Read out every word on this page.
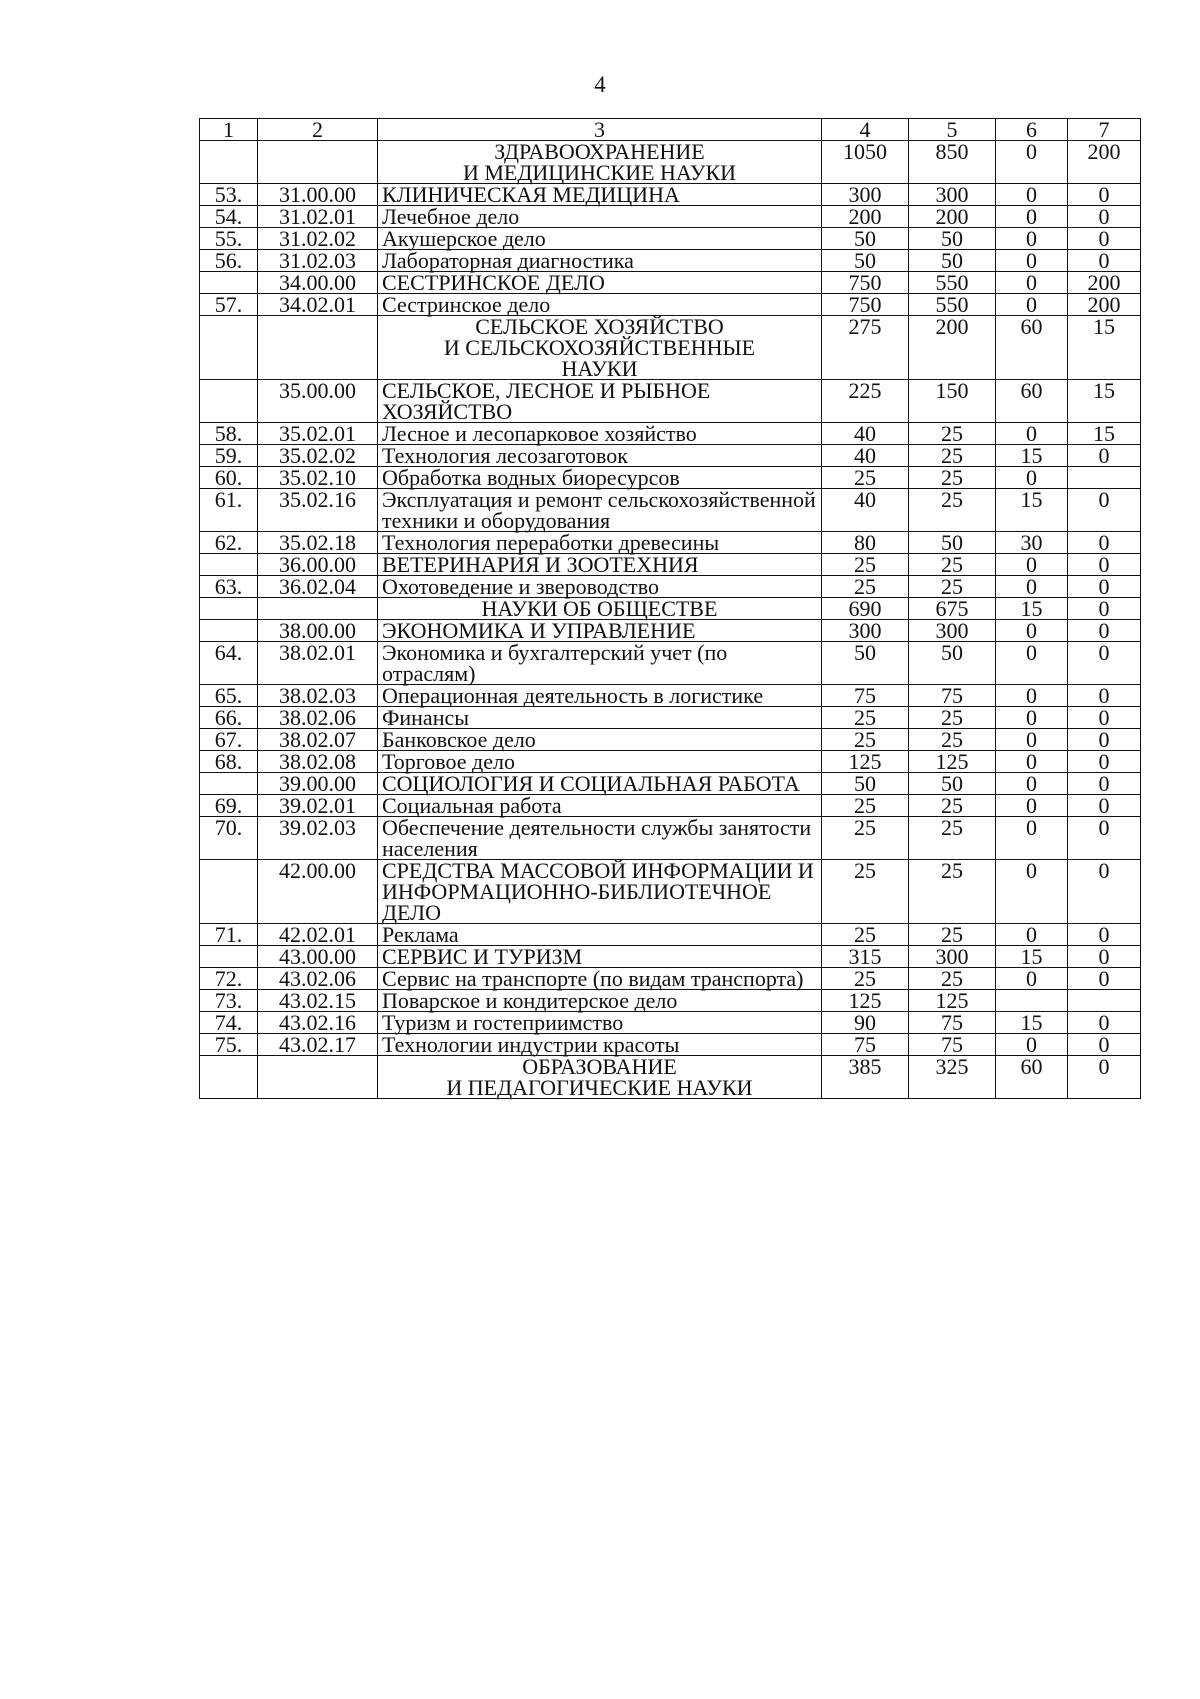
4
1	2	3	4	5	6	7
		ЗДРАВООХРАНЕНИЕ
И МЕДИЦИНСКИЕ НАУКИ	1050	850	0	200
53.	31.00.00	КЛИНИЧЕСКАЯ МЕДИЦИНА	300	300	0	0
54.	31.02.01	Лечебное дело	200	200	0	0
55.	31.02.02	Акушерское дело	50	50	0	0
56.	31.02.03	Лабораторная диагностика	50	50	0	0
	34.00.00	СЕСТРИНСКОЕ ДЕЛО	750	550	0	200
57.	34.02.01	Сестринское дело	750	550	0	200
		СЕЛЬСКОЕ ХОЗЯЙСТВО
И СЕЛЬСКОХОЗЯЙСТВЕННЫЕ
НАУКИ	275	200	60	15
	35.00.00	СЕЛЬСКОЕ, ЛЕСНОЕ И РЫБНОЕ ХОЗЯЙСТВО	225	150	60	15
58.	35.02.01	Лесное и лесопарковое хозяйство	40	25	0	15
59.	35.02.02	Технология лесозаготовок	40	25	15	0
60.	35.02.10	Обработка водных биоресурсов	25	25	0	
61.	35.02.16	Эксплуатация и ремонт сельскохозяйственной техники и оборудования	40	25	15	0
62.	35.02.18	Технология переработки древесины	80	50	30	0
	36.00.00	ВЕТЕРИНАРИЯ И ЗООТЕХНИЯ	25	25	0	0
63.	36.02.04	Охотоведение и звероводство	25	25	0	0
		НАУКИ ОБ ОБЩЕСТВЕ	690	675	15	0
	38.00.00	ЭКОНОМИКА И УПРАВЛЕНИЕ	300	300	0	0
64.	38.02.01	Экономика и бухгалтерский учет (по отраслям)	50	50	0	0
65.	38.02.03	Операционная деятельность в логистике	75	75	0	0
66.	38.02.06	Финансы	25	25	0	0
67.	38.02.07	Банковское дело	25	25	0	0
68.	38.02.08	Торговое дело	125	125	0	0
	39.00.00	СОЦИОЛОГИЯ И СОЦИАЛЬНАЯ РАБОТА	50	50	0	0
69.	39.02.01	Социальная работа	25	25	0	0
70.	39.02.03	Обеспечение деятельности службы занятости населения	25	25	0	0
	42.00.00	СРЕДСТВА МАССОВОЙ ИНФОРМАЦИИ И ИНФОРМАЦИОННО-БИБЛИОТЕЧНОЕ ДЕЛО	25	25	0	0
71.	42.02.01	Реклама	25	25	0	0
	43.00.00	СЕРВИС И ТУРИЗМ	315	300	15	0
72.	43.02.06	Сервис на транспорте (по видам транспорта)	25	25	0	0
73.	43.02.15	Поварское и кондитерское дело	125	125		
74.	43.02.16	Туризм и гостеприимство	90	75	15	0
75.	43.02.17	Технологии индустрии красоты	75	75	0	0
		ОБРАЗОВАНИЕ
И ПЕДАГОГИЧЕСКИЕ НАУКИ	385	325	60	0
